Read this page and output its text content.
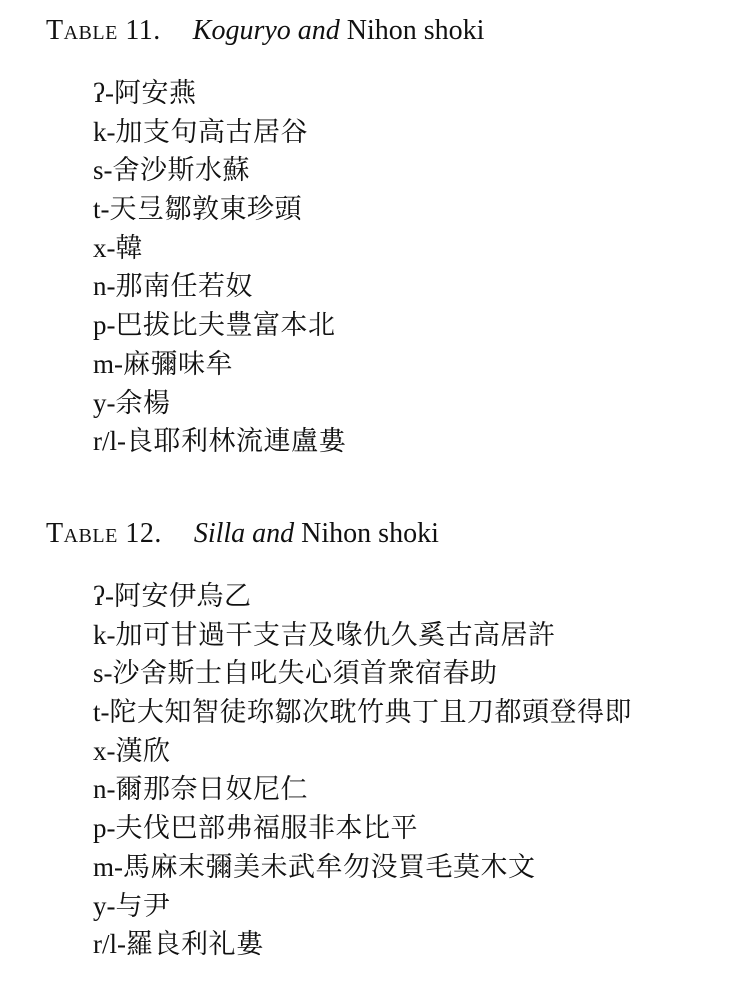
Table 11. Koguryo and Nihon shoki
ʔ-阿安燕
k-加支句高古居谷
s-舍沙斯水蘇
t-天弖鄒敦東珍頭
x-韓
n-那南任若奴
p-巴拔比夫豊富本北
m-麻彌味牟
y-余楊
r/l-良耶利林流連盧婁
Table 12. Silla and Nihon shoki
ʔ-阿安伊烏乙
k-加可甘過干支吉及喙仇久奚古高居許
s-沙舍斯士自叱失心須首衆宿春助
t-陀大知智徒珎鄒次耽竹典丁且刀都頭登得即
x-漢欣
n-爾那奈日奴尼仁
p-夫伐巴部弗福服非本比平
m-馬麻末彌美未武牟勿没買毛莫木文
y-与尹
r/l-羅良利礼婁
